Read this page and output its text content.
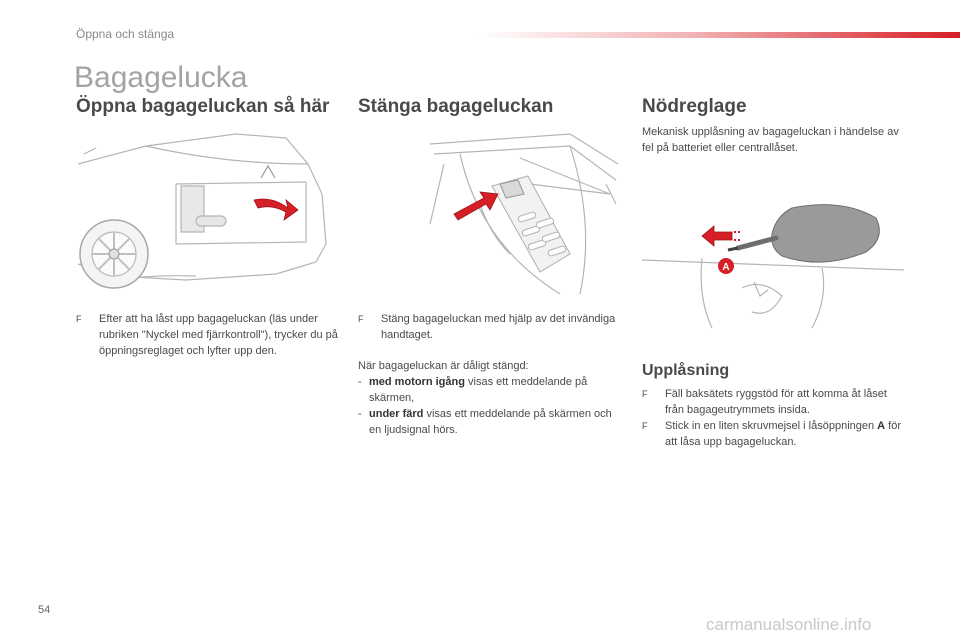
Öppna och stänga
Bagagelucka
Öppna bagageluckan så här
F	Efter att ha låst upp bagageluckan (läs under rubriken "Nyckel med fjärrkontroll"), trycker du på öppningsreglaget och lyfter upp den.
Stänga bagageluckan
F	Stäng bagageluckan med hjälp av det invändiga handtaget.

När bagageluckan är dåligt stängd:

- med motorn igång visas ett meddelande på skärmen,
- under färd visas ett meddelande på skärmen och en ljudsignal hörs.
Nödreglage

Mekanisk upplåsning av bagageluckan i händelse av fel på batteriet eller centrallåset.

A
Upplåsning
F	Fäll baksätets ryggstöd för att komma åt låset från bagageutrymmets insida.
F	Stick in en liten skruvmejsel i låsöppningen A för att låsa upp bagageluckan.
54
carmanualsonline.info
